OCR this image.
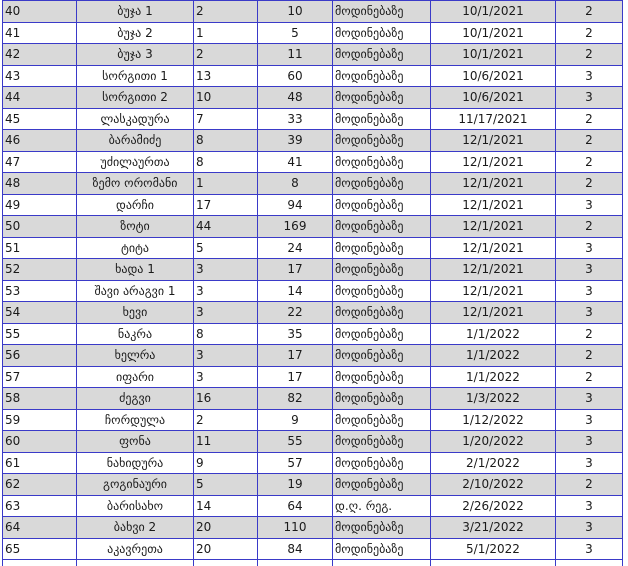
40	ბუჯა 1	2	10	მოდინებაზე	10/1/2021	2
41	ბუჯა 2	1	5	მოდინებაზე	10/1/2021	2
42	ბუჯა 3	2	11	მოდინებაზე	10/1/2021	2
43	სორგითი 1	13	60	მოდინებაზე	10/6/2021	3
44	სორგითი 2	10	48	მოდინებაზე	10/6/2021	3
45	ლასკადურა	7	33	მოდინებაზე	11/17/2021	2
46	ბარამიძე	8	39	მოდინებაზე	12/1/2021	2
47	უძილაურთა	8	41	მოდინებაზე	12/1/2021	2
48	ზემო ორომანი	1	8	მოდინებაზე	12/1/2021	2
49	დარჩი	17	94	მოდინებაზე	12/1/2021	3
50	ზოტი	44	169	მოდინებაზე	12/1/2021	2
51	ტიტა	5	24	მოდინებაზე	12/1/2021	3
52	ხადა 1	3	17	მოდინებაზე	12/1/2021	3
53	შავი არაგვი 1	3	14	მოდინებაზე	12/1/2021	3
54	ხევი	3	22	მოდინებაზე	12/1/2021	3
55	ნაკრა	8	35	მოდინებაზე	1/1/2022	2
56	ხელრა	3	17	მოდინებაზე	1/1/2022	2
57	იფარი	3	17	მოდინებაზე	1/1/2022	2
58	ძეგვი	16	82	მოდინებაზე	1/3/2022	3
59	ჩორდულა	2	9	მოდინებაზე	1/12/2022	3
60	ფონა	11	55	მოდინებაზე	1/20/2022	3
61	ნახიდურა	9	57	მოდინებაზე	2/1/2022	3
62	გოგინაური	5	19	მოდინებაზე	2/10/2022	2
63	ბარისახო	14	64	დ.ღ. რეგ.	2/26/2022	3
64	ბახვი 2	20	110	მოდინებაზე	3/21/2022	3
65	აკავრეთა	20	84	მოდინებაზე	5/1/2022	3
